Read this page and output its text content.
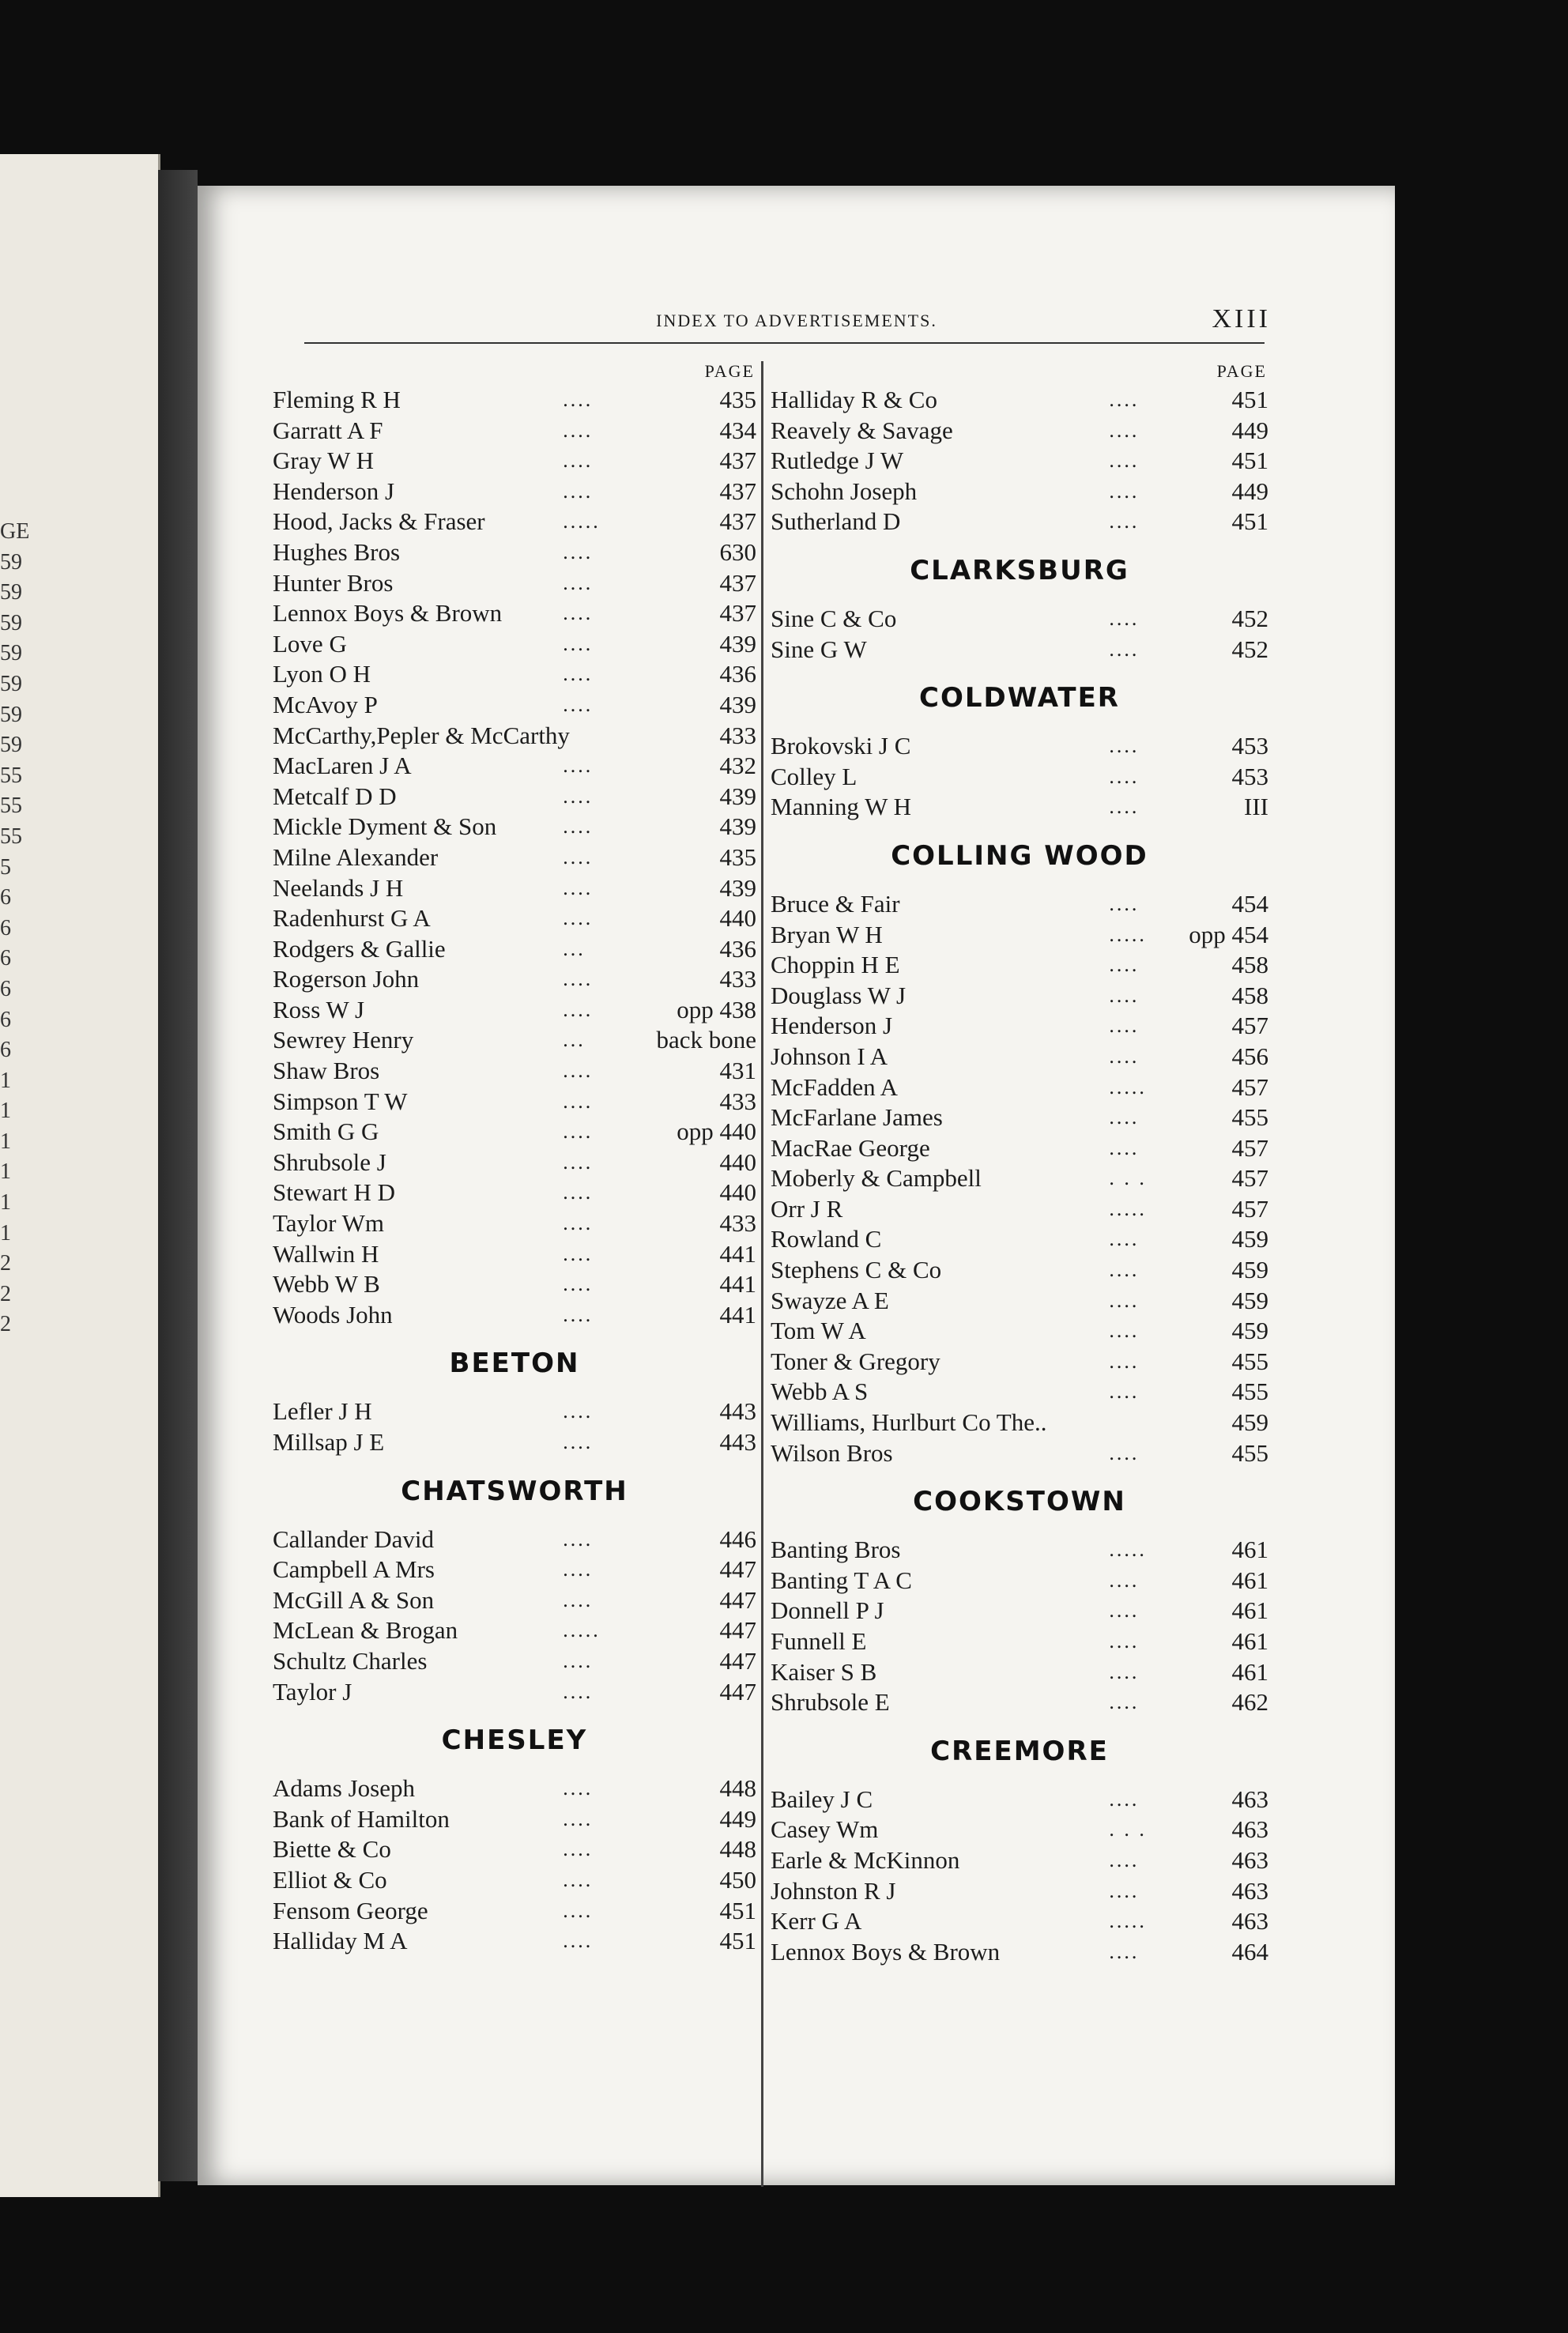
GE
59
59
59
59
59
59
59
55
55
55
5
6
6
6
6
6
6
1
1
1
1
1
1
2
2
2
INDEX TO ADVERTISEMENTS.	XIII
PAGE
Fleming R H	....	435
Garratt A F	....	434
Gray W H	....	437
Henderson J	....	437
Hood, Jacks & Fraser	.....	437
Hughes Bros	....	630
Hunter Bros	....	437
Lennox Boys & Brown	....	437
Love G	....	439
Lyon O H	....	436
McAvoy P	....	439
McCarthy,Pepler & McCarthy	433
MacLaren J A	....	432
Metcalf D D	....	439
Mickle Dyment & Son	....	439
Milne Alexander	....	435
Neelands J H	....	439
Radenhurst G A	....	440
Rodgers & Gallie	...	436
Rogerson John	....	433
Ross W J	....	opp 438
Sewrey Henry	...	back bone
Shaw Bros	....	431
Simpson T W	....	433
Smith G G	....	opp 440
Shrubsole J	....	440
Stewart H D	....	440
Taylor Wm	....	433
Wallwin H	....	441
Webb W B	....	441
Woods John	....	441
BEETON
Lefler J H	....	443
Millsap J E	....	443
CHATSWORTH
Callander David	....	446
Campbell A Mrs	....	447
McGill A & Son	....	447
McLean & Brogan	.....	447
Schultz Charles	....	447
Taylor J	....	447
CHESLEY
Adams Joseph	....	448
Bank of Hamilton	....	449
Biette & Co	....	448
Elliot & Co	....	450
Fensom George	....	451
Halliday M A	....	451
PAGE
Halliday R & Co	....	451
Reavely & Savage	....	449
Rutledge J W	....	451
Schohn Joseph	....	449
Sutherland D	....	451
CLARKSBURG
Sine C & Co	....	452
Sine G W	....	452
COLDWATER
Brokovski J C	....	453
Colley L	....	453
Manning W H	....	III
COLLING WOOD
Bruce & Fair	....	454
Bryan W H	..... opp 454
Choppin H E	....	458
Douglass W J	....	458
Henderson J	....	457
Johnson I A	....	456
McFadden A	.....	457
McFarlane James	....	455
MacRae George	....	457
Moberly & Campbell	. . .	457
Orr J R	.....	457
Rowland C	....	459
Stephens C & Co	....	459
Swayze A E	....	459
Tom W A	....	459
Toner & Gregory	....	455
Webb A S	....	455
Williams, Hurlburt Co The..	459
Wilson Bros	....	455
COOKSTOWN
Banting Bros	.....	461
Banting T A C	....	461
Donnell P J	....	461
Funnell E	....	461
Kaiser S B	....	461
Shrubsole E	....	462
CREEMORE
Bailey J C	....	463
Casey Wm	. . .	463
Earle & McKinnon	....	463
Johnston R J	....	463
Kerr G A	.....	463
Lennox Boys & Brown	....	464
